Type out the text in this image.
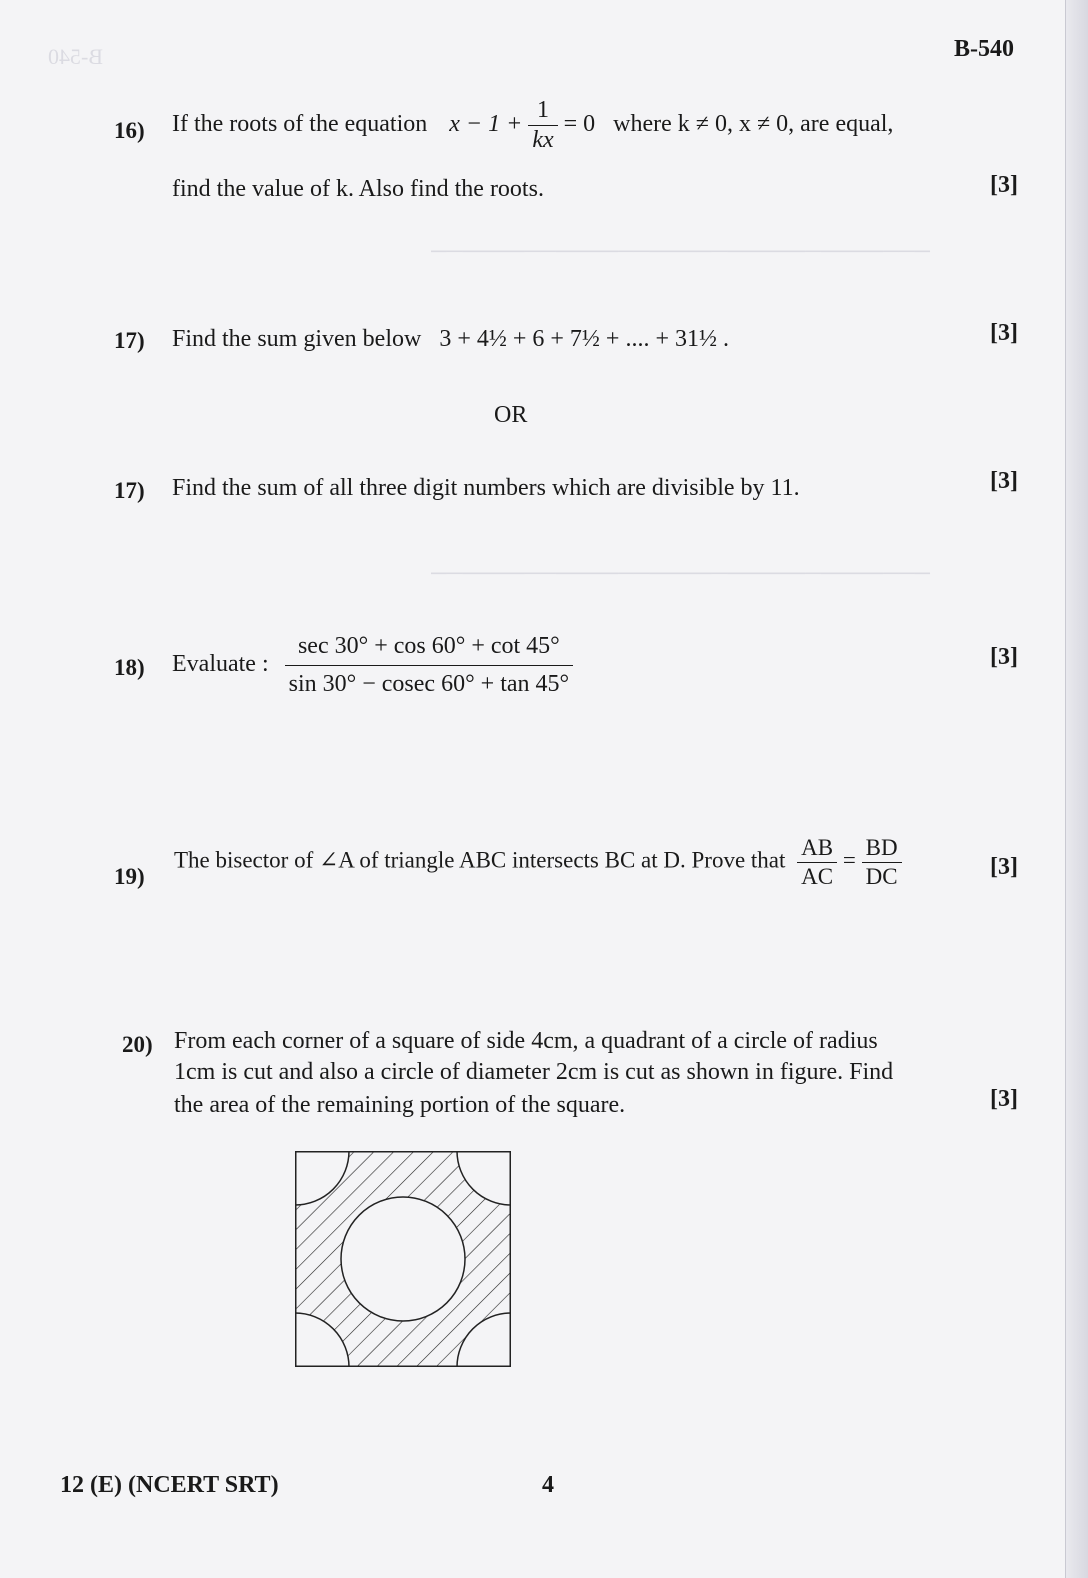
B-540
────────────────────────────────
────────────────────────────────
B-540
16) If the roots of the equation $x - 1 + \frac{1}{kx} = 0$ where k ≠ 0, x ≠ 0, are equal,
find the value of k. Also find the roots.	[3]
17) Find the sum given below 3 + 4½ + 6 + 7½ + .... + 31½ .	[3]
OR
17) Find the sum of all three digit numbers which are divisible by 11.	[3]
18) Evaluate : $\frac{\sec 30^\circ + \cos 60^\circ + \cot 45^\circ}{\sin 30^\circ - cosec 60^\circ + \tan 45^\circ}$	[3]
19)
The bisector of ∠A of triangle ABC intersects BC at D. Prove that $\frac{AB}{AC} = \frac{BD}{DC}$	[3]
20) From each corner of a square of side 4cm, a quadrant of a circle of radius
1cm is cut and also a circle of diameter 2cm is cut as shown in figure. Find
the area of the remaining portion of the square.	[3]
12 (E) (NCERT SRT)	4
